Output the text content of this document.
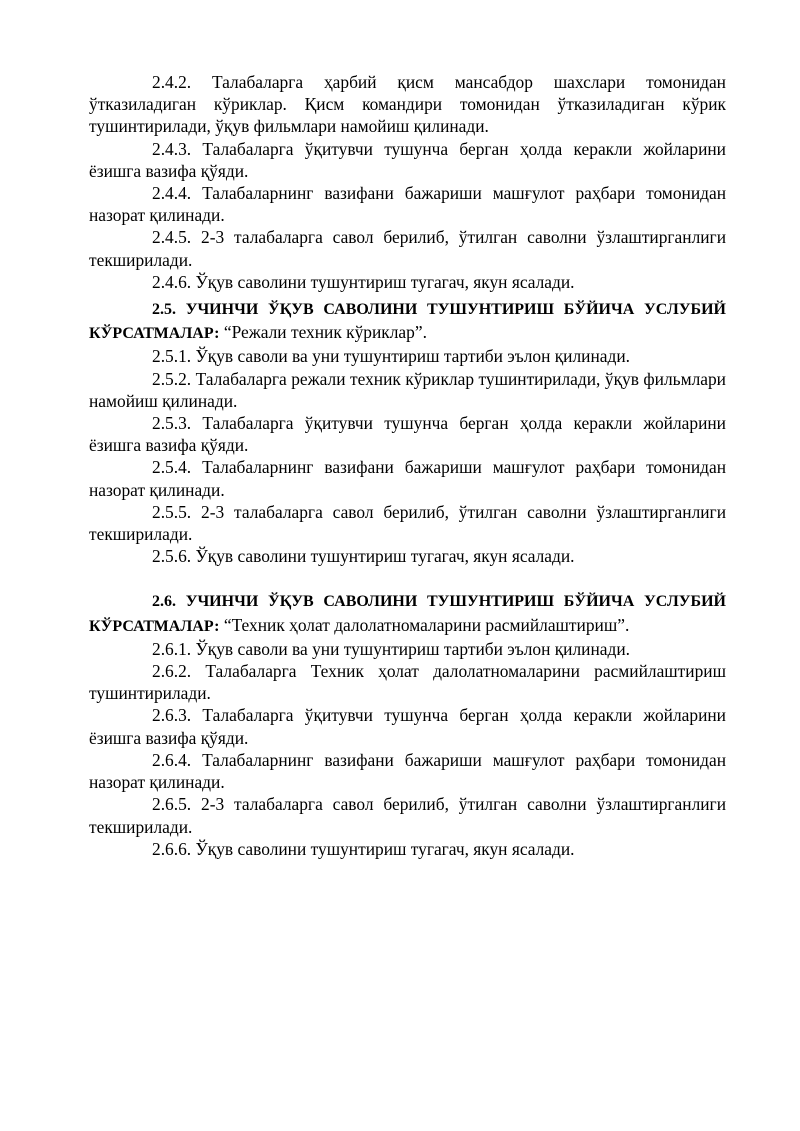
2.4.2. Талабаларга ҳарбий қисм мансабдор шахслари томонидан ўтказиладиган кўриклар. Қисм командири томонидан ўтказиладиган кўрик тушинтирилади, ўқув фильмлари намойиш қилинади.

2.4.3. Талабаларга ўқитувчи тушунча берган ҳолда керакли жойларини ёзишга вазифа қўяди.

2.4.4. Талабаларнинг вазифани бажариши машғулот раҳбари томонидан назорат қилинади.

2.4.5. 2-3 талабаларга савол берилиб, ўтилган саволни ўзлаштирганлиги текширилади.

2.4.6. Ўқув саволини тушунтириш тугагач, якун ясалади.

2.5. УЧИНЧИ ЎҚУВ САВОЛИНИ ТУШУНТИРИШ БЎЙИЧА УСЛУБИЙ КЎРСАТМАЛАР: “Режали техник кўриклар”.

2.5.1. Ўқув саволи ва уни тушунтириш тартиби эълон қилинади.

2.5.2. Талабаларга режали техник кўриклар тушинтирилади, ўқув фильмлари намойиш қилинади.

2.5.3. Талабаларга ўқитувчи тушунча берган ҳолда керакли жойларини ёзишга вазифа қўяди.

2.5.4. Талабаларнинг вазифани бажариши машғулот раҳбари томонидан назорат қилинади.

2.5.5. 2-3 талабаларга савол берилиб, ўтилган саволни ўзлаштирганлиги текширилади.

2.5.6. Ўқув саволини тушунтириш тугагач, якун ясалади.

2.6. УЧИНЧИ ЎҚУВ САВОЛИНИ ТУШУНТИРИШ БЎЙИЧА УСЛУБИЙ КЎРСАТМАЛАР: “Техник ҳолат далолатномаларини расмийлаштириш”.

2.6.1. Ўқув саволи ва уни тушунтириш тартиби эълон қилинади.

2.6.2. Талабаларга Техник ҳолат далолатномаларини расмийлаштириш тушинтирилади.

2.6.3. Талабаларга ўқитувчи тушунча берган ҳолда керакли жойларини ёзишга вазифа қўяди.

2.6.4. Талабаларнинг вазифани бажариши машғулот раҳбари томонидан назорат қилинади.

2.6.5. 2-3 талабаларга савол берилиб, ўтилган саволни ўзлаштирганлиги текширилади.

2.6.6. Ўқув саволини тушунтириш тугагач, якун ясалади.
